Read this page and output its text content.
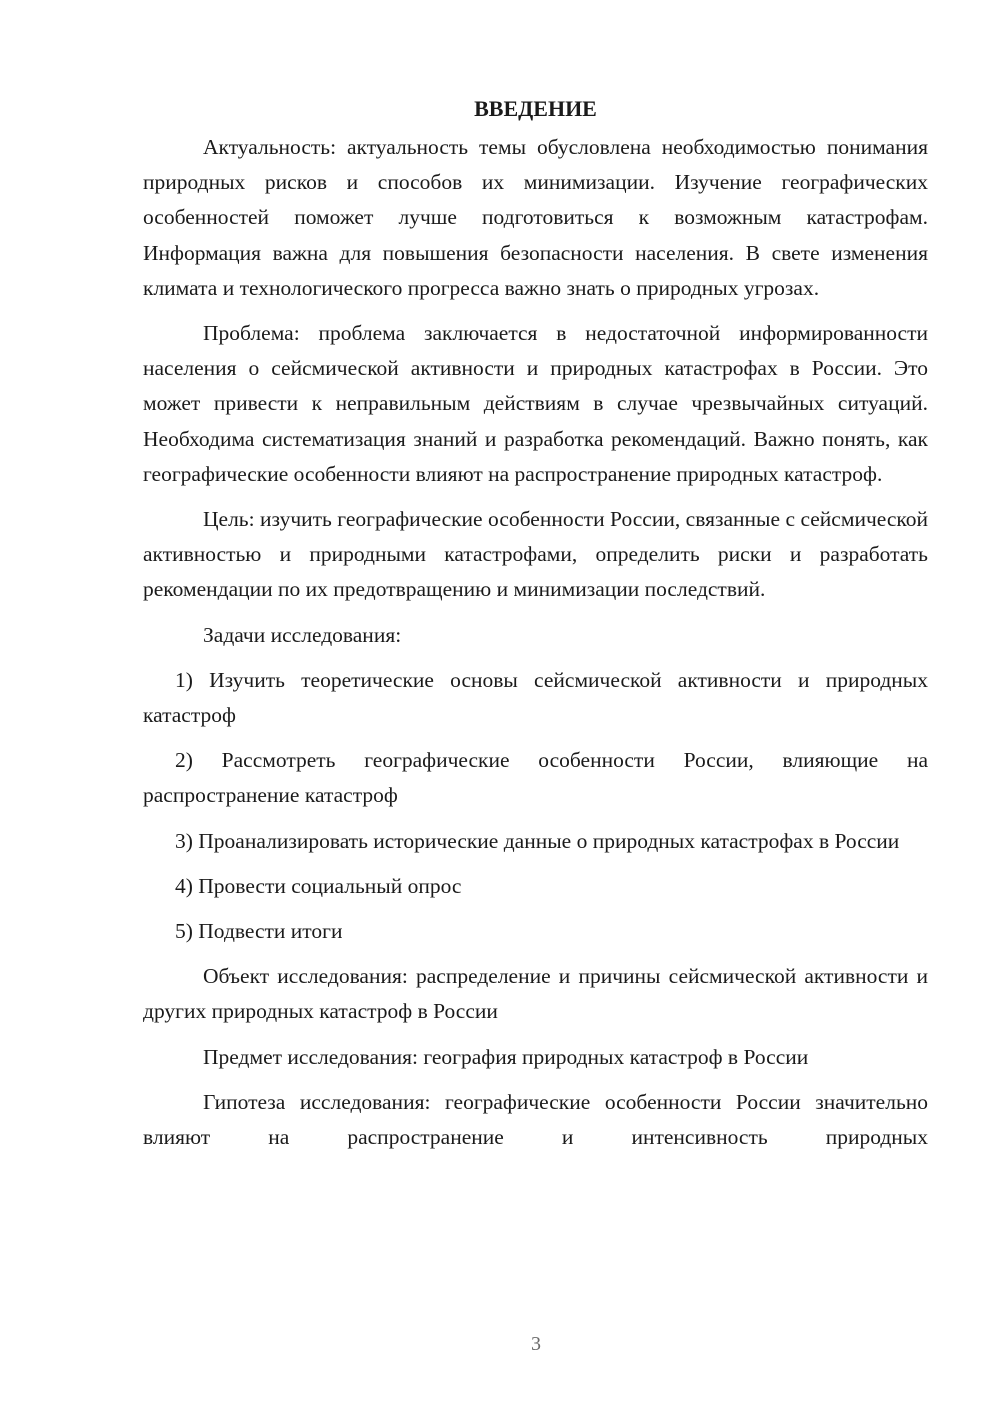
ВВЕДЕНИЕ

Актуальность: актуальность темы обусловлена необходимостью понимания природных рисков и способов их минимизации. Изучение географических особенностей поможет лучше подготовиться к возможным катастрофам. Информация важна для повышения безопасности населения. В свете изменения климата и технологического прогресса важно знать о природных угрозах.

Проблема: проблема заключается в недостаточной информированности населения о сейсмической активности и природных катастрофах в России. Это может привести к неправильным действиям в случае чрезвычайных ситуаций. Необходима систематизация знаний и разработка рекомендаций. Важно понять, как географические особенности влияют на распространение природных катастроф.

Цель: изучить географические особенности России, связанные с сейсмической активностью и природными катастрофами, определить риски и разработать рекомендации по их предотвращению и минимизации последствий.

Задачи исследования:

1) Изучить теоретические основы сейсмической активности и природных катастроф

2) Рассмотреть географические особенности России, влияющие на распространение катастроф

3) Проанализировать исторические данные о природных катастрофах в России

4) Провести социальный опрос

5) Подвести итоги

Объект исследования: распределение и причины сейсмической активности и других природных катастроф в России

Предмет исследования: география природных катастроф в России

Гипотеза исследования: географические особенности России значительно влияют на распространение и интенсивность природных

3
